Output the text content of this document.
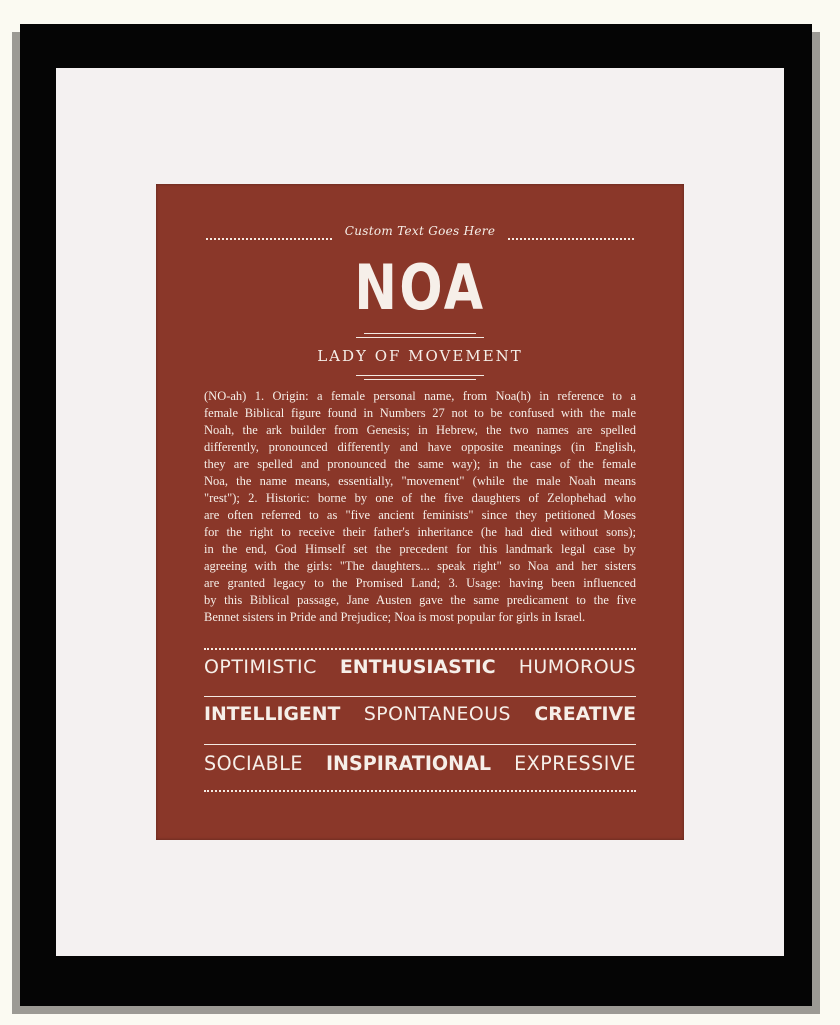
Custom Text Goes Here
NOA
LADY OF MOVEMENT
(NO-ah) 1. Origin: a female personal name, from Noa(h) in reference to a
female Biblical figure found in Numbers 27 not to be confused with the male
Noah, the ark builder from Genesis; in Hebrew, the two names are spelled
differently, pronounced differently and have opposite meanings (in English,
they are spelled and pronounced the same way); in the case of the female
Noa, the name means, essentially, "movement" (while the male Noah means
"rest"); 2. Historic: borne by one of the five daughters of Zelophehad who
are often referred to as "five ancient feminists" since they petitioned Moses
for the right to receive their father's inheritance (he had died without sons);
in the end, God Himself set the precedent for this landmark legal case by
agreeing with the girls: "The daughters... speak right" so Noa and her sisters
are granted legacy to the Promised Land; 3. Usage: having been influenced
by this Biblical passage, Jane Austen gave the same predicament to the five
Bennet sisters in Pride and Prejudice; Noa is most popular for girls in Israel.
OPTIMISTIC ENTHUSIASTIC HUMOROUS
INTELLIGENT SPONTANEOUS CREATIVE
SOCIABLE INSPIRATIONAL EXPRESSIVE
